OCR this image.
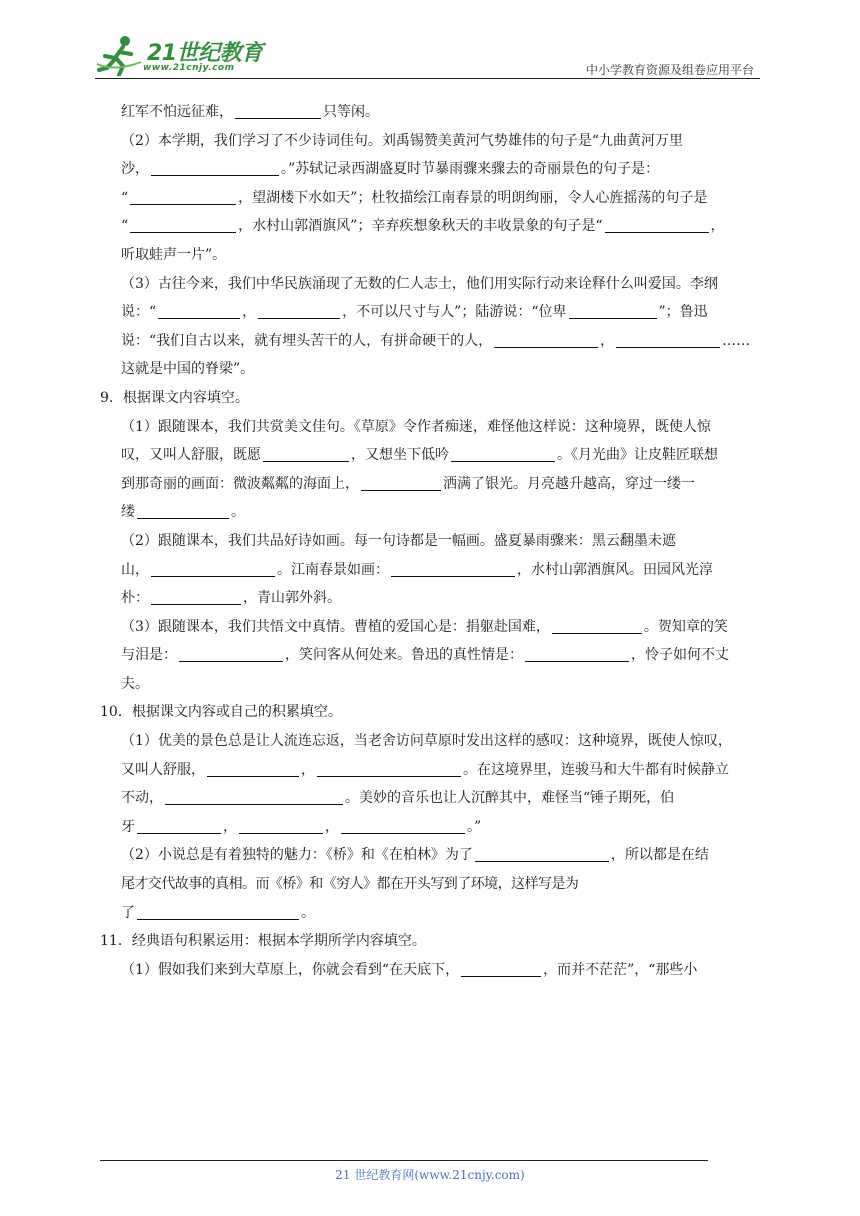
21世纪教育
www.21cnjy.com	中小学教育资源及组卷应用平台

红军不怕远征难，	只等闲。

（2）本学期，我们学习了不少诗词佳句。刘禹锡赞美黄河气势雄伟的句子是“九曲黄河万里

沙，	。”苏轼记录西湖盛夏时节暴雨骤来骤去的奇丽景色的句子是：

“	，望湖楼下水如天”；杜牧描绘江南春景的明朗绚丽，令人心旌摇荡的句子是

“	，水村山郭酒旗风”；辛弃疾想象秋天的丰收景象的句子是“	，

听取蛙声一片”。

（3）古往今来，我们中华民族涌现了无数的仁人志士，他们用实际行动来诠释什么叫爱国。李纲

说：“	，	，不可以尺寸与人”；陆游说：“位卑	”；鲁迅

说：“我们自古以来，就有埋头苦干的人，有拼命硬干的人，	，	……

这就是中国的脊梁”。

9．根据课文内容填空。

（1）跟随课本，我们共赏美文佳句。《草原》令作者痴迷，难怪他这样说：这种境界，既使人惊

叹，又叫人舒服，既愿	，又想坐下低吟	。《月光曲》让皮鞋匠联想

到那奇丽的画面：微波粼粼的海面上，	洒满了银光。月亮越升越高，穿过一缕一

缕	。

（2）跟随课本，我们共品好诗如画。每一句诗都是一幅画。盛夏暴雨骤来：黑云翻墨未遮

山，	。江南春景如画：	，水村山郭酒旗风。田园风光淳

朴：	，青山郭外斜。

（3）跟随课本，我们共悟文中真情。曹植的爱国心是：捐躯赴国难，	。贺知章的笑

与泪是：	，笑问客从何处来。鲁迅的真性情是：	，怜子如何不丈

夫。

10．根据课文内容或自己的积累填空。

（1）优美的景色总是让人流连忘返，当老舍访问草原时发出这样的感叹：这种境界，既使人惊叹，

又叫人舒服，	，	。在这境界里，连骏马和大牛都有时候静立

不动，	。美妙的音乐也让人沉醉其中，难怪当“锤子期死，伯

牙	，	，	。”

（2）小说总是有着独特的魅力：《桥》和《在柏林》为了	，所以都是在结

尾 才 交 代 故 事 的 真 相 。 而 《 桥 》 和 《 穷 人 》 都 在 开 头 写 到 了 环 境 ， 这 样 写 是 为

了	。

11．经典语句积累运用：根据本学期所学内容填空。

（1）假如我们来到大草原上，你就会看到“在天底下，	，而并不茫茫”，“那些小

21 世纪教育网(www.21cnjy.com)
